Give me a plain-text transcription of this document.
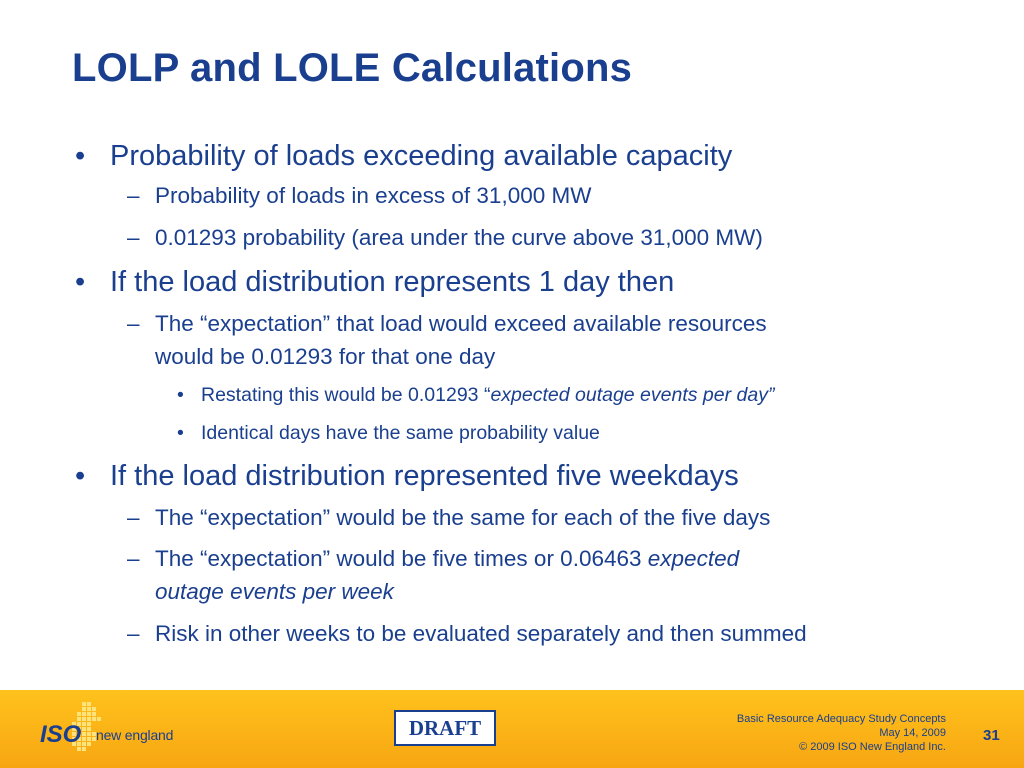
LOLP and LOLE Calculations
• Probability of loads exceeding available capacity
– Probability of loads in excess of 31,000 MW
– 0.01293 probability (area under the curve above 31,000 MW)
• If the load distribution represents 1 day then
– The “expectation” that load would exceed available resources
would be 0.01293 for that one day
• Restating this would be 0.01293 “expected outage events per day”
• Identical days have the same probability value
• If the load distribution represented five weekdays
– The “expectation” would be the same for each of the five days
– The “expectation” would be five times or 0.06463 expected
outage events per week
– Risk in other weeks to be evaluated separately and then summed
ISO new england	DRAFT	Basic Resource Adequacy Study Concepts
May 14, 2009
© 2009 ISO New England Inc.
31
